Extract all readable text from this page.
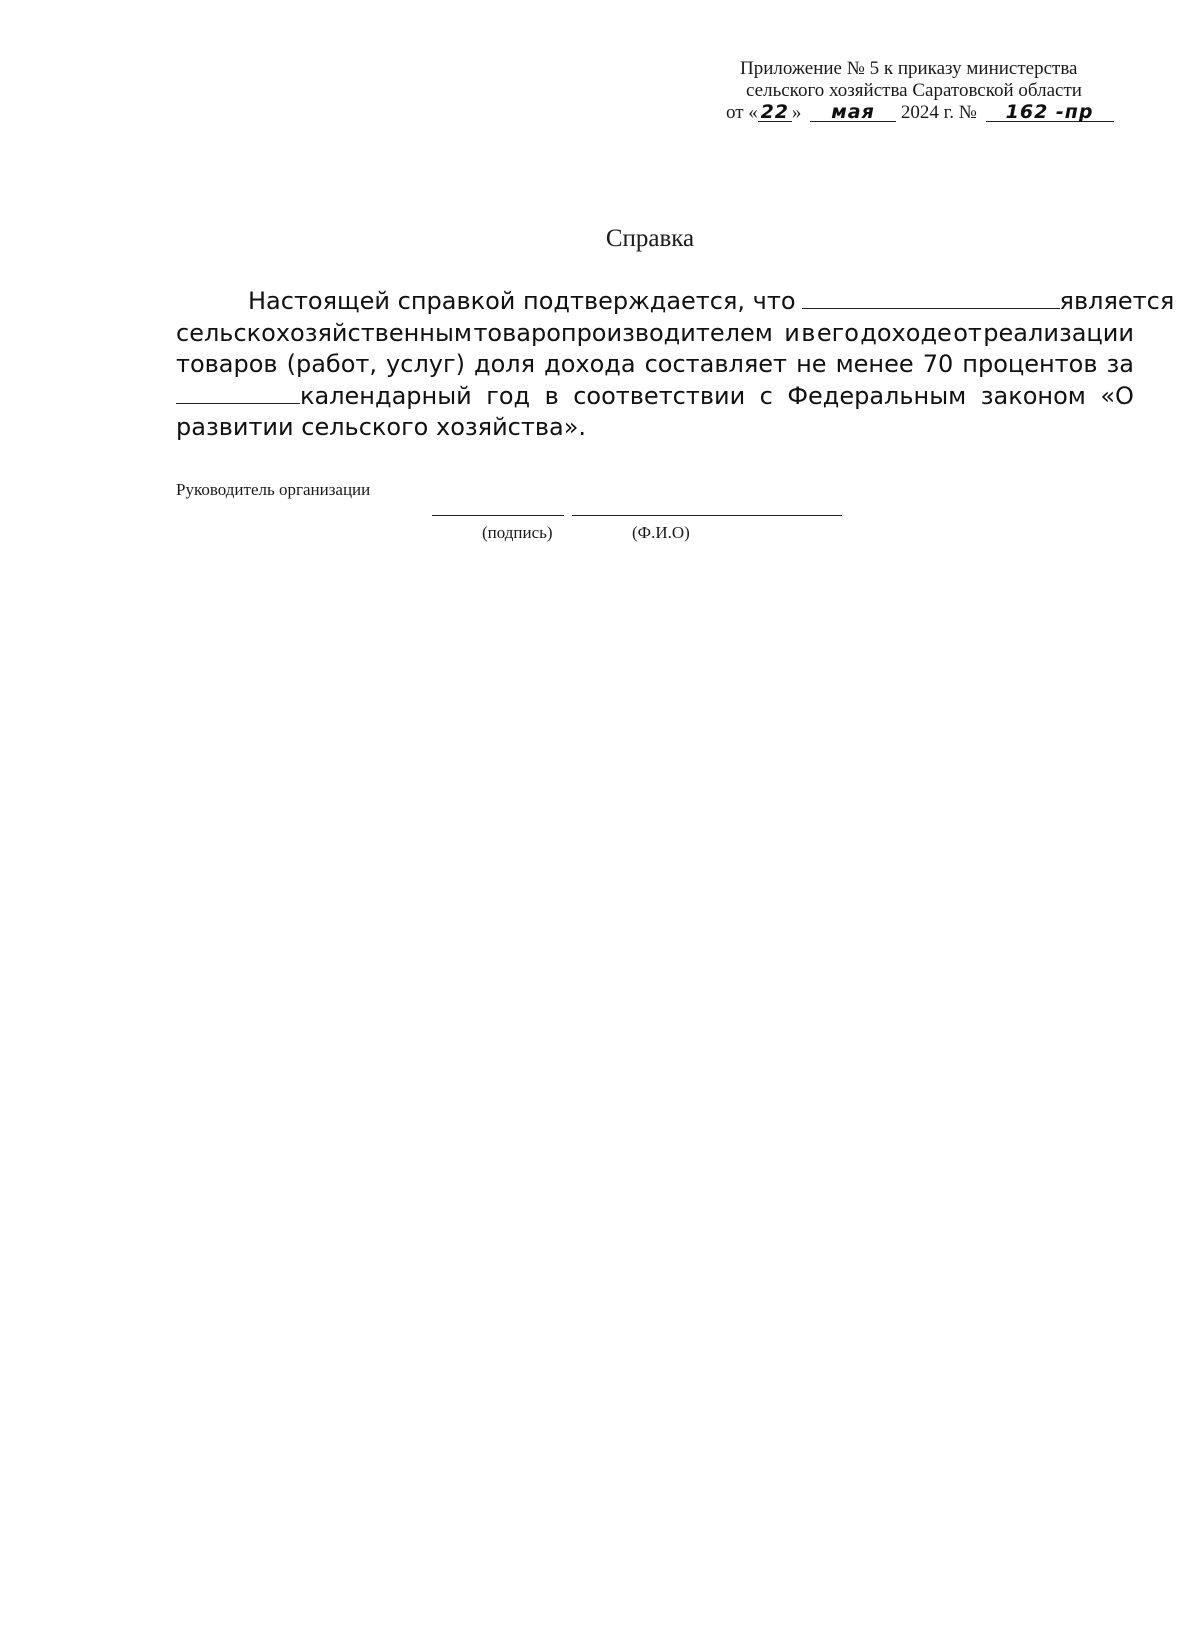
Приложение № 5 к приказу министерства
сельского хозяйства Саратовской области
от « 22 » мая 2024 г. № 162 -пр
Справка
Настоящей справкой подтверждается, что	является
сельскохозяйственным товаропроизводителем и в его доходе от реализации
товаров (работ, услуг) доля дохода составляет не менее 70 процентов за
календарный год в соответствии с Федеральным законом «О
развитии сельского хозяйства».
Руководитель организации
(подпись)	(Ф.И.О)
